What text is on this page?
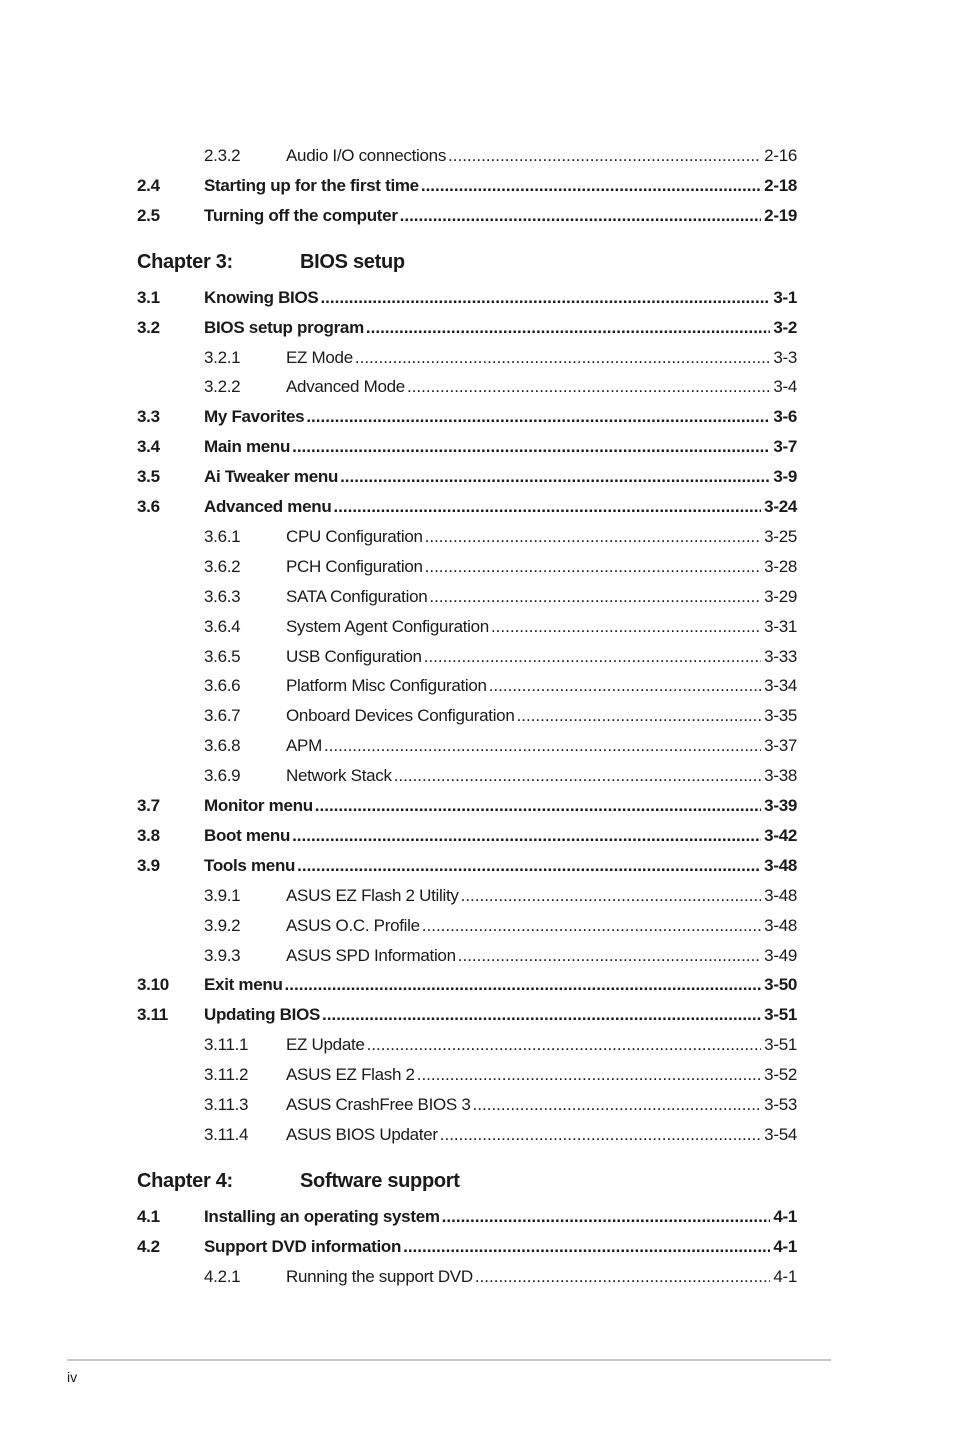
2.3.2	Audio I/O connections .....	2-16
2.4	Starting up for the first time .....	2-18
2.5	Turning off the computer .....	2-19
Chapter 3:	BIOS setup
3.1	Knowing BIOS .....	3-1
3.2	BIOS setup program .....	3-2
3.2.1	EZ Mode .....	3-3
3.2.2	Advanced Mode .....	3-4
3.3	My Favorites .....	3-6
3.4	Main menu .....	3-7
3.5	Ai Tweaker menu .....	3-9
3.6	Advanced menu .....	3-24
3.6.1	CPU Configuration .....	3-25
3.6.2	PCH Configuration .....	3-28
3.6.3	SATA Configuration .....	3-29
3.6.4	System Agent Configuration .....	3-31
3.6.5	USB Configuration .....	3-33
3.6.6	Platform Misc Configuration .....	3-34
3.6.7	Onboard Devices Configuration .....	3-35
3.6.8	APM .....	3-37
3.6.9	Network Stack .....	3-38
3.7	Monitor menu .....	3-39
3.8	Boot menu .....	3-42
3.9	Tools menu .....	3-48
3.9.1	ASUS EZ Flash 2 Utility .....	3-48
3.9.2	ASUS O.C. Profile .....	3-48
3.9.3	ASUS SPD Information .....	3-49
3.10	Exit menu .....	3-50
3.11	Updating BIOS .....	3-51
3.11.1	EZ Update .....	3-51
3.11.2	ASUS EZ Flash 2 .....	3-52
3.11.3	ASUS CrashFree BIOS 3 .....	3-53
3.11.4	ASUS BIOS Updater .....	3-54
Chapter 4:	Software support
4.1	Installing an operating system .....	4-1
4.2	Support DVD information .....	4-1
4.2.1	Running the support DVD .....	4-1
iv
